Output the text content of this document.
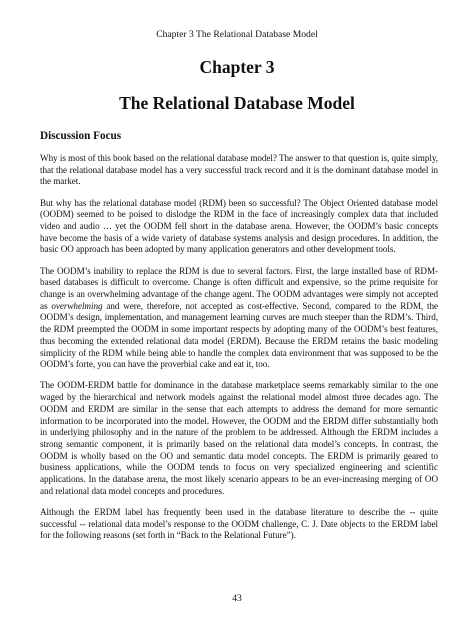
Chapter 3 The Relational Database Model
Chapter 3
The Relational Database Model
Discussion Focus

Why is most of this book based on the relational database model? The answer to that question is, quite simply, that the relational database model has a very successful track record and it is the dominant database model in the market.

But why has the relational database model (RDM) been so successful? The Object Oriented database model (OODM) seemed to be poised to dislodge the RDM in the face of increasingly complex data that included video and audio … yet the OODM fell short in the database arena. However, the OODM’s basic concepts have become the basis of a wide variety of database systems analysis and design procedures. In addition, the basic OO approach has been adopted by many application generators and other development tools.

The OODM’s inability to replace the RDM is due to several factors. First, the large installed base of RDM-based databases is difficult to overcome. Change is often difficult and expensive, so the prime requisite for change is an overwhelming advantage of the change agent. The OODM advantages were simply not accepted as overwhelming and were, therefore, not accepted as cost-effective. Second, compared to the RDM, the OODM’s design, implementation, and management learning curves are much steeper than the RDM’s. Third, the RDM preempted the OODM in some important respects by adopting many of the OODM’s best features, thus becoming the extended relational data model (ERDM). Because the ERDM retains the basic modeling simplicity of the RDM while being able to handle the complex data environment that was supposed to be the OODM’s forte, you can have the proverbial cake and eat it, too.

The OODM-ERDM battle for dominance in the database marketplace seems remarkably similar to the one waged by the hierarchical and network models against the relational model almost three decades ago. The OODM and ERDM are similar in the sense that each attempts to address the demand for more semantic information to be incorporated into the model. However, the OODM and the ERDM differ substantially both in underlying philosophy and in the nature of the problem to be addressed. Although the ERDM includes a strong semantic component, it is primarily based on the relational data model’s concepts. In contrast, the OODM is wholly based on the OO and semantic data model concepts. The ERDM is primarily geared to business applications, while the OODM tends to focus on very specialized engineering and scientific applications. In the database arena, the most likely scenario appears to be an ever-increasing merging of OO and relational data model concepts and procedures.

Although the ERDM label has frequently been used in the database literature to describe the -- quite successful -- relational data model’s response to the OODM challenge, C. J. Date objects to the ERDM label for the following reasons (set forth in “Back to the Relational Future”).

43
